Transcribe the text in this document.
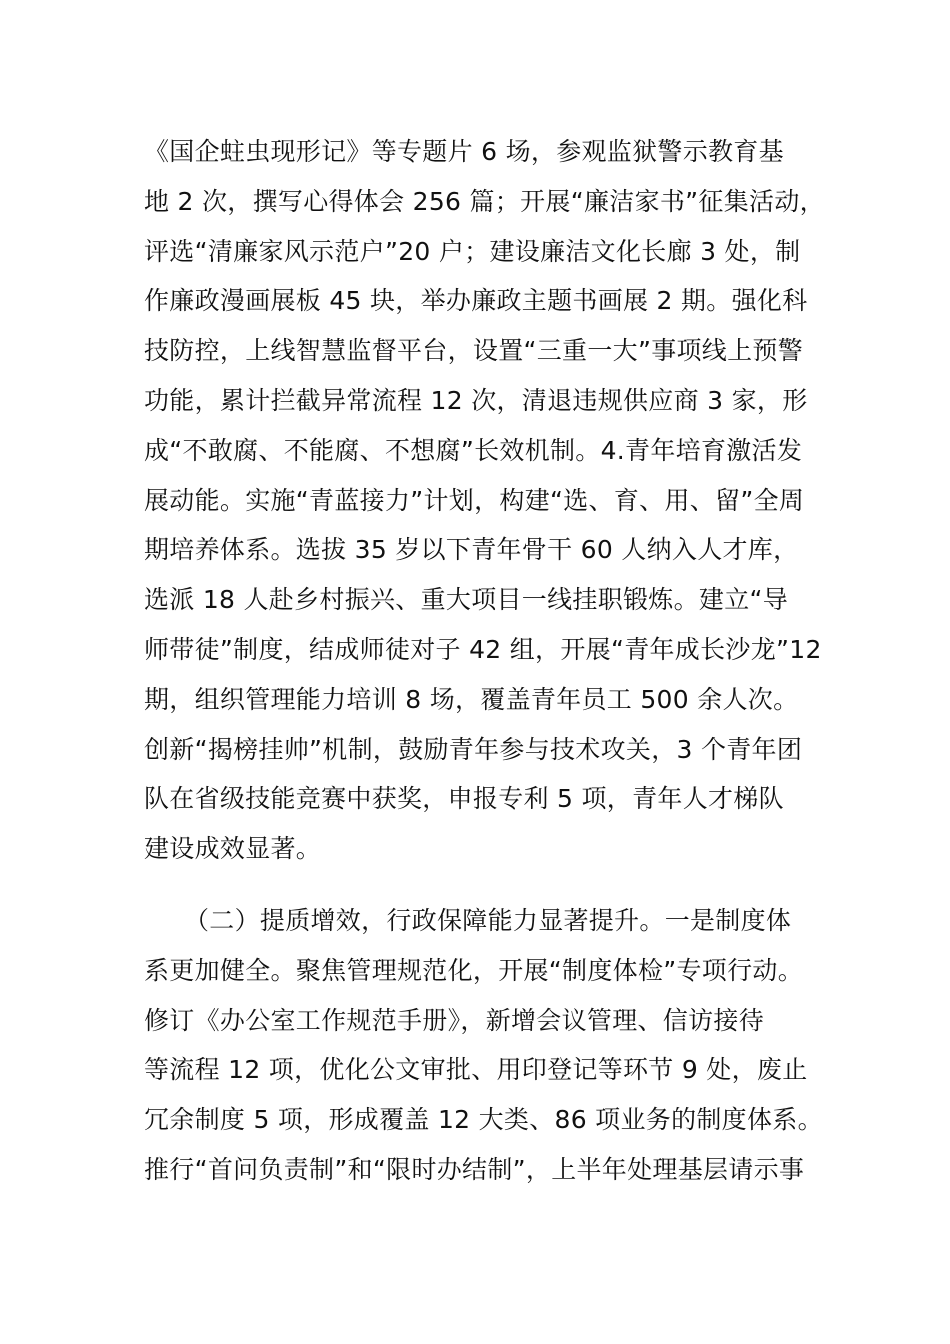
《国企蛀虫现形记》等专题片 6 场，参观监狱警示教育基
地 2 次，撰写心得体会 256 篇；开展“廉洁家书”征集活动，
评选“清廉家风示范户”20 户；建设廉洁文化长廊 3 处，制
作廉政漫画展板 45 块，举办廉政主题书画展 2 期。强化科
技防控，上线智慧监督平台，设置“三重一大”事项线上预警
功能，累计拦截异常流程 12 次，清退违规供应商 3 家，形
成“不敢腐、不能腐、不想腐”长效机制。4.青年培育激活发
展动能。实施“青蓝接力”计划，构建“选、育、用、留”全周
期培养体系。选拔 35 岁以下青年骨干 60 人纳入人才库，
选派 18 人赴乡村振兴、重大项目一线挂职锻炼。建立“导
师带徒”制度，结成师徒对子 42 组，开展“青年成长沙龙”12
期，组织管理能力培训 8 场，覆盖青年员工 500 余人次。
创新“揭榜挂帅”机制，鼓励青年参与技术攻关，3 个青年团
队在省级技能竞赛中获奖，申报专利 5 项，青年人才梯队
建设成效显著。
（二）提质增效，行政保障能力显著提升。一是制度体
系更加健全。聚焦管理规范化，开展“制度体检”专项行动。
修订《办公室工作规范手册》，新增会议管理、信访接待
等流程 12 项，优化公文审批、用印登记等环节 9 处，废止
冗余制度 5 项，形成覆盖 12 大类、86 项业务的制度体系。
推行“首问负责制”和“限时办结制”，上半年处理基层请示事
